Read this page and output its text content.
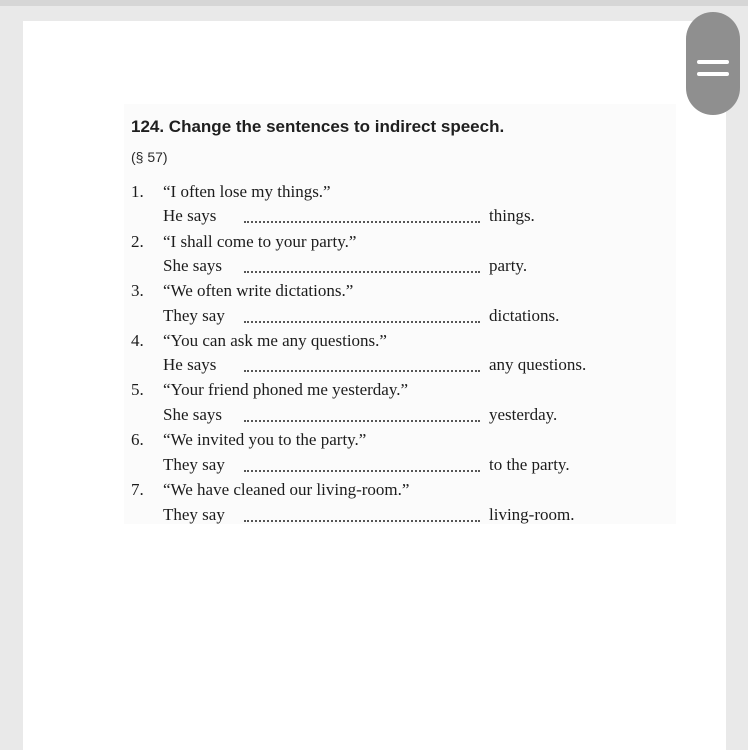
124. Change the sentences to indirect speech.
(§ 57)
1.	“I often lose my things.”
He says	things.
2.	“I shall come to your party.”
She says	party.
3.	“We often write dictations.”
They say	dictations.
4.	“You can ask me any questions.”
He says	any questions.
5.	“Your friend phoned me yesterday.”
She says	yesterday.
6.	“We invited you to the party.”
They say	to the party.
7.	“We have cleaned our living-room.”
They say	living-room.
